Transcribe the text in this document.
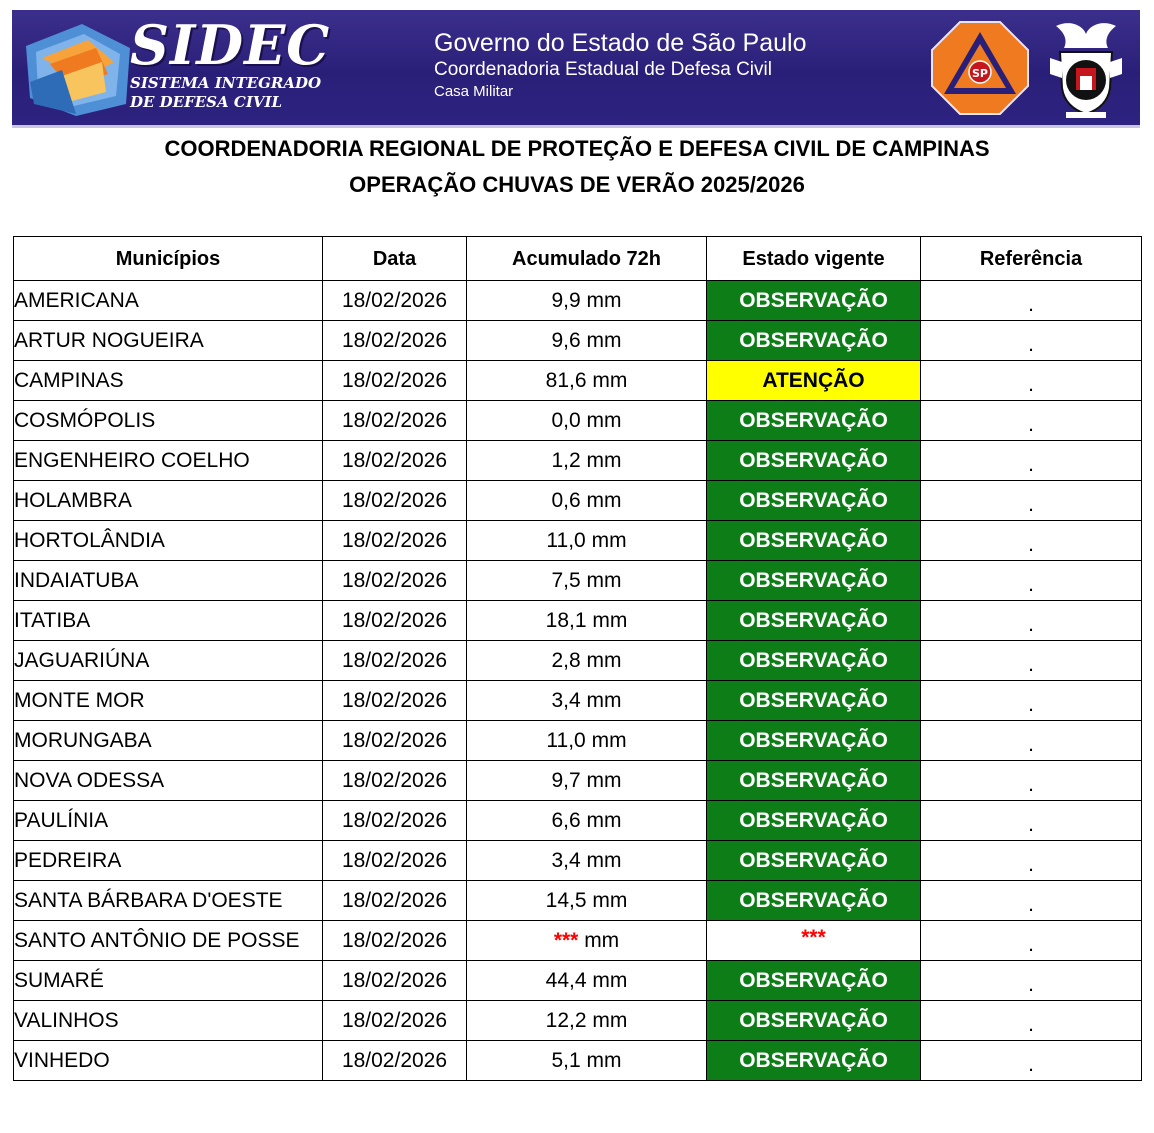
SIDEC
SISTEMA INTEGRADO
DE DEFESA CIVIL
Governo do Estado de São Paulo
Coordenadoria Estadual de Defesa Civil
Casa Militar
SP
COORDENADORIA REGIONAL DE PROTEÇÃO E DEFESA CIVIL DE CAMPINAS
OPERAÇÃO CHUVAS DE VERÃO 2025/2026
Municípios	Data	Acumulado 72h	Estado vigente	Referência
AMERICANA	18/02/2026	9,9 mm	OBSERVAÇÃO	.
ARTUR NOGUEIRA	18/02/2026	9,6 mm	OBSERVAÇÃO	.
CAMPINAS	18/02/2026	81,6 mm	ATENÇÃO	.
COSMÓPOLIS	18/02/2026	0,0 mm	OBSERVAÇÃO	.
ENGENHEIRO COELHO	18/02/2026	1,2 mm	OBSERVAÇÃO	.
HOLAMBRA	18/02/2026	0,6 mm	OBSERVAÇÃO	.
HORTOLÂNDIA	18/02/2026	11,0 mm	OBSERVAÇÃO	.
INDAIATUBA	18/02/2026	7,5 mm	OBSERVAÇÃO	.
ITATIBA	18/02/2026	18,1 mm	OBSERVAÇÃO	.
JAGUARIÚNA	18/02/2026	2,8 mm	OBSERVAÇÃO	.
MONTE MOR	18/02/2026	3,4 mm	OBSERVAÇÃO	.
MORUNGABA	18/02/2026	11,0 mm	OBSERVAÇÃO	.
NOVA ODESSA	18/02/2026	9,7 mm	OBSERVAÇÃO	.
PAULÍNIA	18/02/2026	6,6 mm	OBSERVAÇÃO	.
PEDREIRA	18/02/2026	3,4 mm	OBSERVAÇÃO	.
SANTA BÁRBARA D'OESTE	18/02/2026	14,5 mm	OBSERVAÇÃO	.
SANTO ANTÔNIO DE POSSE	18/02/2026	*** mm	***	.
SUMARÉ	18/02/2026	44,4 mm	OBSERVAÇÃO	.
VALINHOS	18/02/2026	12,2 mm	OBSERVAÇÃO	.
VINHEDO	18/02/2026	5,1 mm	OBSERVAÇÃO	.
